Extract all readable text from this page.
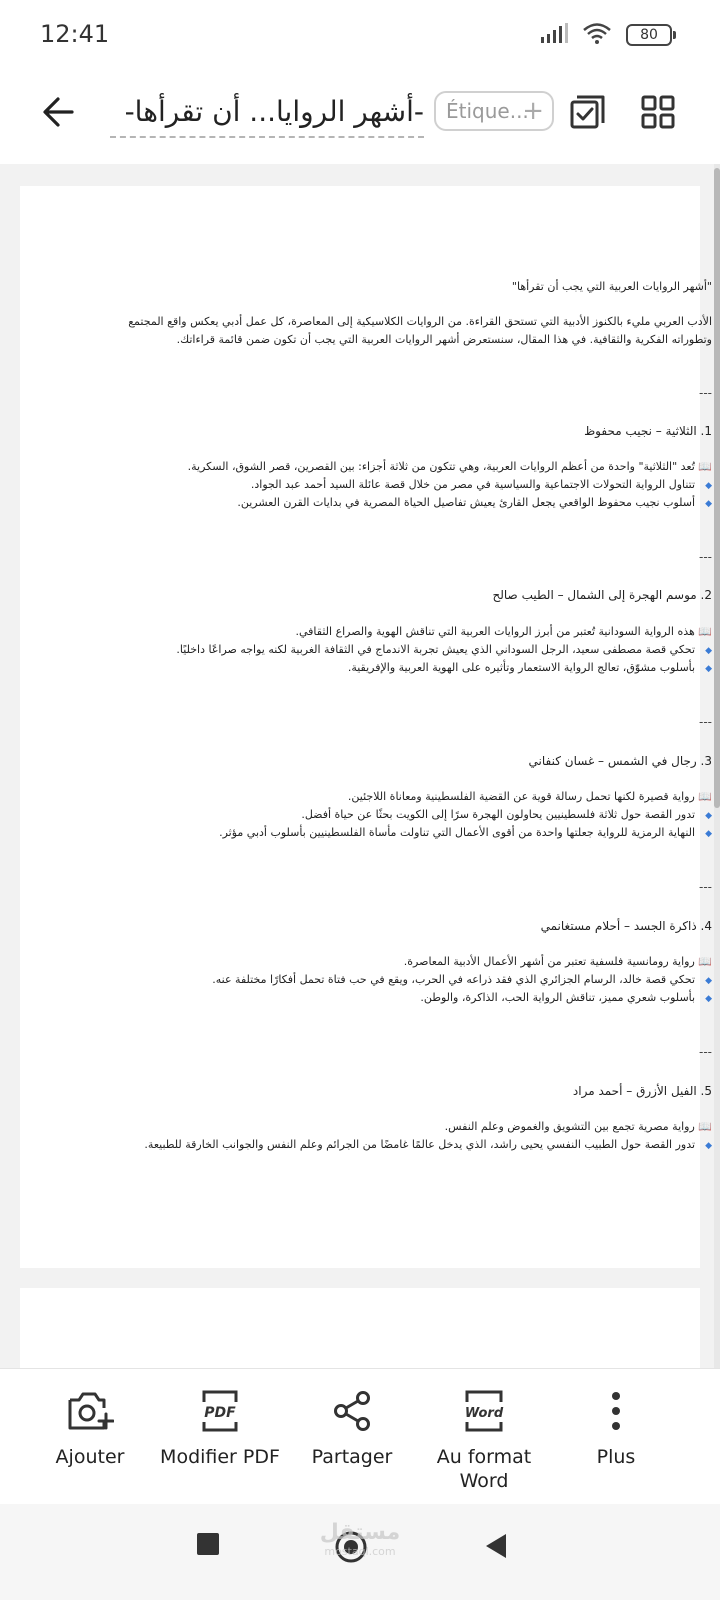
12:41	80
-أشهر الروايا... أن تقرأها- Étique...
+
"أشهر الروايات العربية التي يجب أن تقرأها"
الأدب العربي مليء بالكنوز الأدبية التي تستحق القراءة. من الروايات الكلاسيكية إلى المعاصرة، كل عمل أدبي يعكس واقع المجتمع
وتطوراته الفكرية والثقافية. في هذا المقال، سنستعرض أشهر الروايات العربية التي يجب أن تكون ضمن قائمة قراءاتك.
---
1. الثلاثية – نجيب محفوظ
📖 تُعد "الثلاثية" واحدة من أعظم الروايات العربية، وهي تتكون من ثلاثة أجزاء: بين القصرين، قصر الشوق، السكرية.
◆تتناول الرواية التحولات الاجتماعية والسياسية في مصر من خلال قصة عائلة السيد أحمد عبد الجواد.
◆أسلوب نجيب محفوظ الواقعي يجعل القارئ يعيش تفاصيل الحياة المصرية في بدايات القرن العشرين.
---
2. موسم الهجرة إلى الشمال – الطيب صالح
📖 هذه الرواية السودانية تُعتبر من أبرز الروايات العربية التي تناقش الهوية والصراع الثقافي.
◆تحكي قصة مصطفى سعيد، الرجل السوداني الذي يعيش تجربة الاندماج في الثقافة الغربية لكنه يواجه صراعًا داخليًا.
◆بأسلوب مشوّق، تعالج الرواية الاستعمار وتأثيره على الهوية العربية والإفريقية.
---
3. رجال في الشمس – غسان كنفاني
📖 رواية قصيرة لكنها تحمل رسالة قوية عن القضية الفلسطينية ومعاناة اللاجئين.
◆تدور القصة حول ثلاثة فلسطينيين يحاولون الهجرة سرًا إلى الكويت بحثًا عن حياة أفضل.
◆النهاية الرمزية للرواية جعلتها واحدة من أقوى الأعمال التي تناولت مأساة الفلسطينيين بأسلوب أدبي مؤثر.
---
4. ذاكرة الجسد – أحلام مستغانمي
📖 رواية رومانسية فلسفية تعتبر من أشهر الأعمال الأدبية المعاصرة.
◆تحكي قصة خالد، الرسام الجزائري الذي فقد ذراعه في الحرب، ويقع في حب فتاة تحمل أفكارًا مختلفة عنه.
◆بأسلوب شعري مميز، تناقش الرواية الحب، الذاكرة، والوطن.
---
5. الفيل الأزرق – أحمد مراد
📖 رواية مصرية تجمع بين التشويق والغموض وعلم النفس.
◆تدور القصة حول الطبيب النفسي يحيى راشد، الذي يدخل عالمًا غامضًا من الجرائم وعلم النفس والجوانب الخارقة للطبيعة.
Ajouter
PDF
Modifier PDF	Partager
Word
Au format Word
Plus
مستقل
mostaql.com
